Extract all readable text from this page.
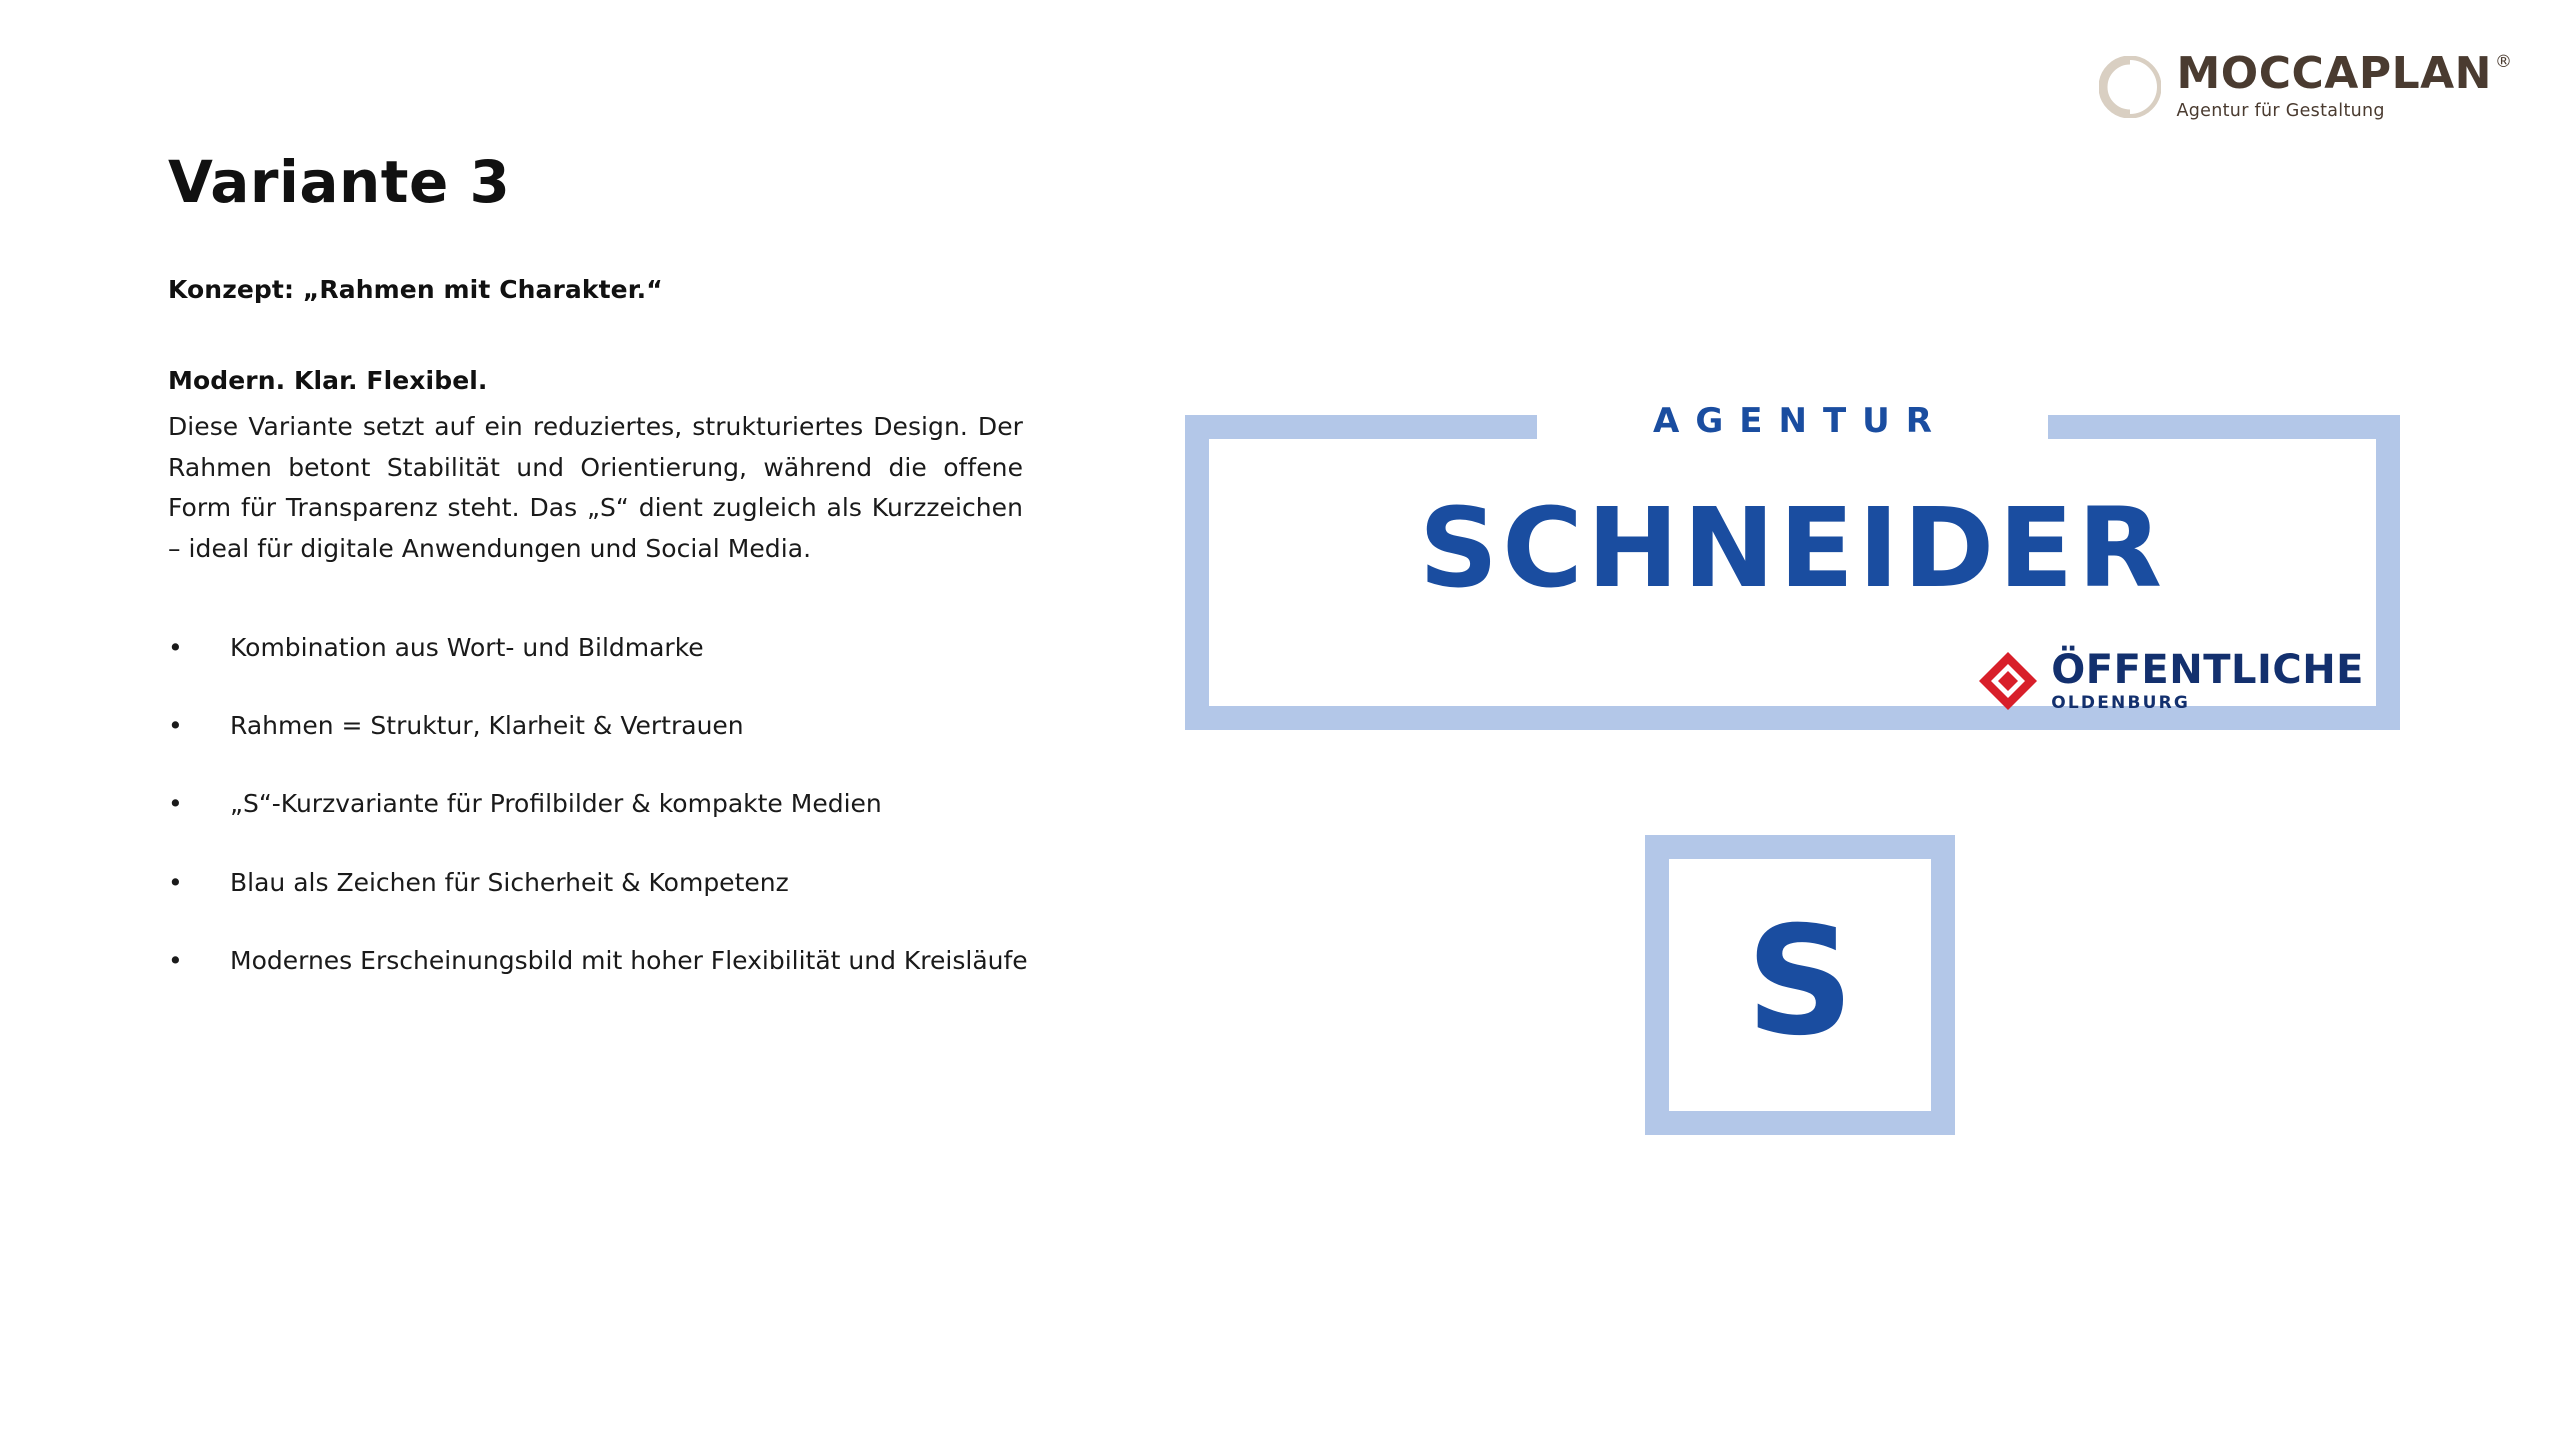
MOCCAPLAN ®
Agentur für Gestaltung
Variante 3

Konzept: „Rahmen mit Charakter.“

Modern. Klar. Flexibel.

Diese Variante setzt auf ein reduziertes, strukturiertes Design. Der Rahmen betont Stabilität und Orientierung, während die offene Form für Transparenz steht. Das „S“ dient zugleich als Kurzzeichen – ideal für digitale Anwendungen und Social Media.

•	Kombination aus Wort- und Bildmarke
•	Rahmen = Struktur, Klarheit & Vertrauen
•	„S“-Kurzvariante für Profilbilder & kompakte Medien
•	Blau als Zeichen für Sicherheit & Kompetenz
•	Modernes Erscheinungsbild mit hoher Flexibilität und Kreisläufe
AGENTUR
SCHNEIDER
ÖFFENTLICHE
OLDENBURG
S
